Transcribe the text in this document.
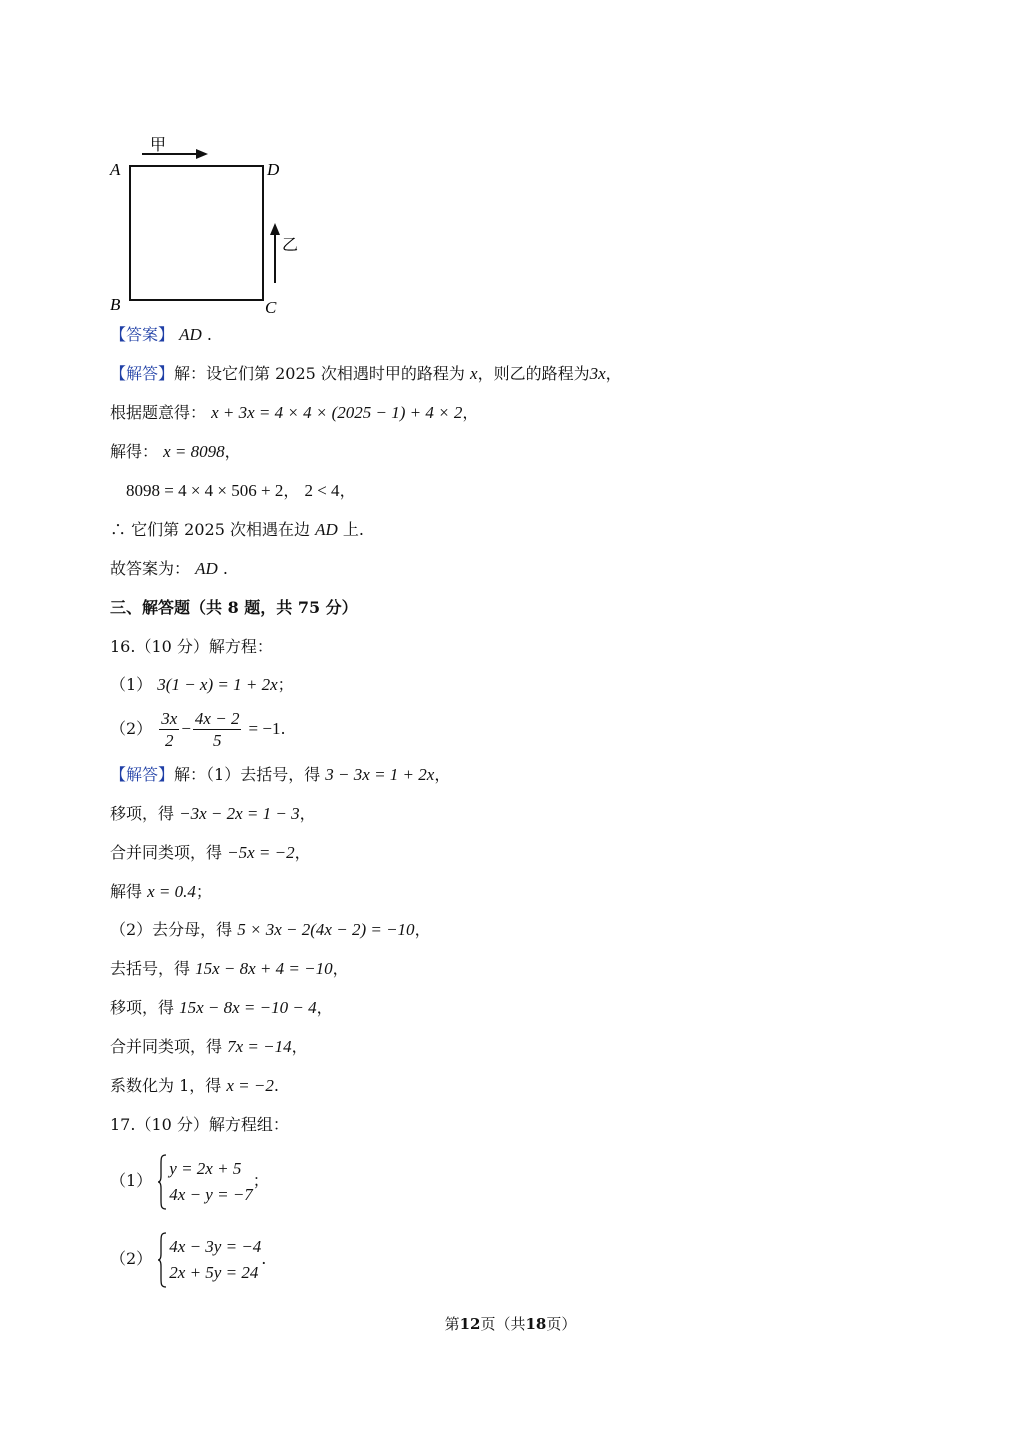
甲
乙
A	D
B	C
【答案】 AD .
【解答】解：设它们第 2025 次相遇时甲的路程为 x，则乙的路程为3x，
根据题意得： x + 3x = 4 × 4 × (2025 − 1) + 4 × 2，
解得： x = 8098，
8098 = 4 × 4 × 506 + 2， 2 < 4，
∴ 它们第 2025 次相遇在边 AD 上.
故答案为： AD .
三、解答题（共 8 题，共 75 分）
16.（10 分）解方程：
（1） 3(1 − x) = 1 + 2x；
$(2) \frac{3x}{2} - \frac{4x - 2}{5} = -1$.
【解答】解：（1）去括号，得 3 − 3x = 1 + 2x，
移项，得 −3x − 2x = 1 − 3，
合并同类项，得 −5x = −2，
解得 x = 0.4；
（2）去分母，得 5 × 3x − 2(4x − 2) = −10，
去括号，得 15x − 8x + 4 = −10，
移项，得 15x − 8x = −10 − 4，
合并同类项，得 7x = −14，
系数化为 1，得 x = −2.
17.（10 分）解方程组：
（1）
y = 2x + 5
4x − y = −7
；
（2）
4x − 3y = −4
2x + 5y = 24
.
第12页（共18页）
